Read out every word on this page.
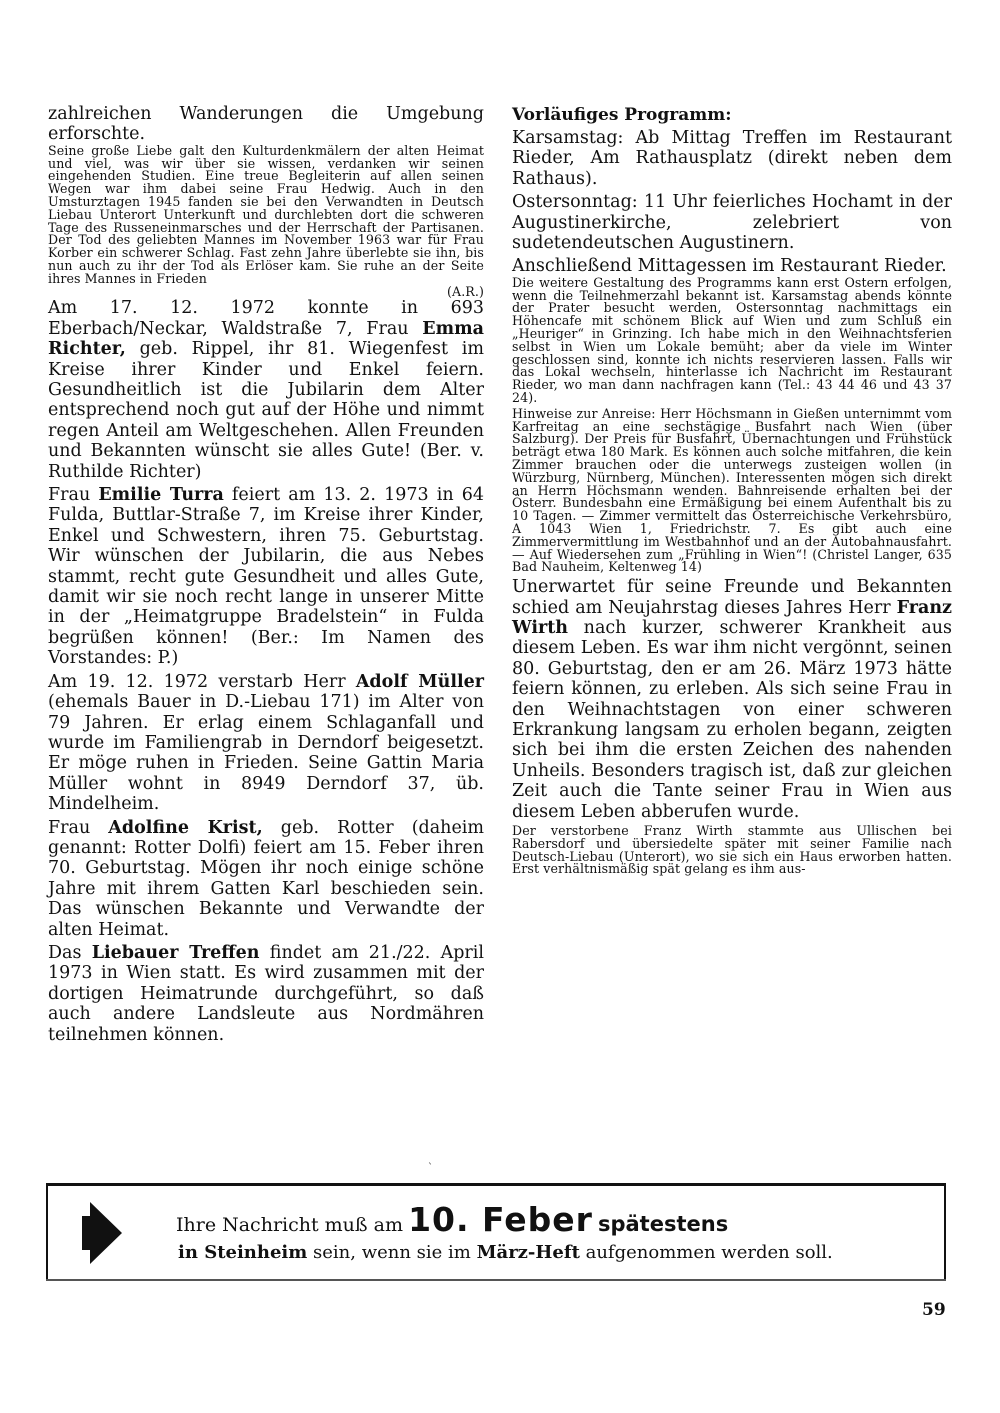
zahlreichen Wanderungen die Umgebung erforschte.

Seine große Liebe galt den Kulturdenkmälern der alten Heimat und viel, was wir über sie wissen, verdanken wir seinen eingehenden Studien. Eine treue Begleiterin auf allen seinen Wegen war ihm dabei seine Frau Hedwig. Auch in den Umsturztagen 1945 fanden sie bei den Verwandten in Deutsch Liebau Unterort Unterkunft und durchlebten dort die schweren Tage des Russeneinmarsches und der Herrschaft der Partisanen. Der Tod des geliebten Mannes im November 1963 war für Frau Korber ein schwerer Schlag. Fast zehn Jahre überlebte sie ihn, bis nun auch zu ihr der Tod als Erlöser kam. Sie ruhe an der Seite ihres Mannes in Frieden
(A.R.)

Am 17. 12. 1972 konnte in 693 Eberbach/Neckar, Waldstraße 7, Frau Emma Richter, geb. Rippel, ihr 81. Wiegenfest im Kreise ihrer Kinder und Enkel feiern. Gesundheitlich ist die Jubilarin dem Alter entsprechend noch gut auf der Höhe und nimmt regen Anteil am Weltgeschehen. Allen Freunden und Bekannten wünscht sie alles Gute! (Ber. v. Ruthilde Richter)

Frau Emilie Turra feiert am 13. 2. 1973 in 64 Fulda, Buttlar-Straße 7, im Kreise ihrer Kinder, Enkel und Schwestern, ihren 75. Geburtstag. Wir wünschen der Jubilarin, die aus Nebes stammt, recht gute Gesundheit und alles Gute, damit wir sie noch recht lange in unserer Mitte in der „Heimatgruppe Bradelstein“ in Fulda begrüßen können! (Ber.: Im Namen des Vorstandes: P.)

Am 19. 12. 1972 verstarb Herr Adolf Müller (ehemals Bauer in D.-Liebau 171) im Alter von 79 Jahren. Er erlag einem Schlaganfall und wurde im Familiengrab in Derndorf beigesetzt. Er möge ruhen in Frieden. Seine Gattin Maria Müller wohnt in 8949 Derndorf 37, üb. Mindelheim.

Frau Adolfine Krist, geb. Rotter (daheim genannt: Rotter Dolfi) feiert am 15. Feber ihren 70. Geburtstag. Mögen ihr noch einige schöne Jahre mit ihrem Gatten Karl beschieden sein. Das wünschen Bekannte und Verwandte der alten Heimat.

Das Liebauer Treffen findet am 21./22. April 1973 in Wien statt. Es wird zusammen mit der dortigen Heimatrunde durchgeführt, so daß auch andere Landsleute aus Nordmähren teilnehmen können.

Vorläufiges Programm:

Karsamstag: Ab Mittag Treffen im Restaurant Rieder, Am Rathausplatz (direkt neben dem Rathaus).

Ostersonntag: 11 Uhr feierliches Hochamt in der Augustinerkirche, zelebriert von sudetendeutschen Augustinern.

Anschließend Mittagessen im Restaurant Rieder.

Die weitere Gestaltung des Programms kann erst Ostern erfolgen, wenn die Teilnehmerzahl bekannt ist. Karsamstag abends könnte der Prater besucht werden, Ostersonntag nachmittags ein Höhencafe mit schönem Blick auf Wien und zum Schluß ein „Heuriger“ in Grinzing. Ich habe mich in den Weihnachtsferien selbst in Wien um Lokale bemüht; aber da viele im Winter geschlossen sind, konnte ich nichts reservieren lassen. Falls wir das Lokal wechseln, hinterlasse ich Nachricht im Restaurant Rieder, wo man dann nachfragen kann (Tel.: 43 44 46 und 43 37 24).

Hinweise zur Anreise: Herr Höchsmann in Gießen unternimmt vom Karfreitag an eine sechstägige Busfahrt nach Wien (über Salzburg). Der Preis für Busfahrt, Übernachtungen und Frühstück beträgt etwa 180 Mark. Es können auch solche mitfahren, die kein Zimmer brauchen oder die unterwegs zusteigen wollen (in Würzburg, Nürnberg, München). Interessenten mögen sich direkt an Herrn Höchsmann wenden. Bahnreisende erhalten bei der Österr. Bundesbahn eine Ermäßigung bei einem Aufenthalt bis zu 10 Tagen. — Zimmer vermittelt das Österreichische Verkehrsbüro, A 1043 Wien 1, Friedrichstr. 7. Es gibt auch eine Zimmervermittlung im Westbahnhof und an der Autobahnausfahrt. — Auf Wiedersehen zum „Frühling in Wien“! (Christel Langer, 635 Bad Nauheim, Keltenweg 14)

Unerwartet für seine Freunde und Bekannten schied am Neujahrstag dieses Jahres Herr Franz Wirth nach kurzer, schwerer Krankheit aus diesem Leben. Es war ihm nicht vergönnt, seinen 80. Geburtstag, den er am 26. März 1973 hätte feiern können, zu erleben. Als sich seine Frau in den Weihnachtstagen von einer schweren Erkrankung langsam zu erholen begann, zeigten sich bei ihm die ersten Zeichen des nahenden Unheils. Besonders tragisch ist, daß zur gleichen Zeit auch die Tante seiner Frau in Wien aus diesem Leben abberufen wurde.

Der verstorbene Franz Wirth stammte aus Ullischen bei Rabersdorf und übersiedelte später mit seiner Familie nach Deutsch-Liebau (Unterort), wo sie sich ein Haus erworben hatten. Erst verhältnismäßig spät gelang es ihm aus-

ˋ
Ihre Nachricht muß am 10. Feber spätestens
in Steinheim sein, wenn sie im März-Heft aufgenommen werden soll.
59
